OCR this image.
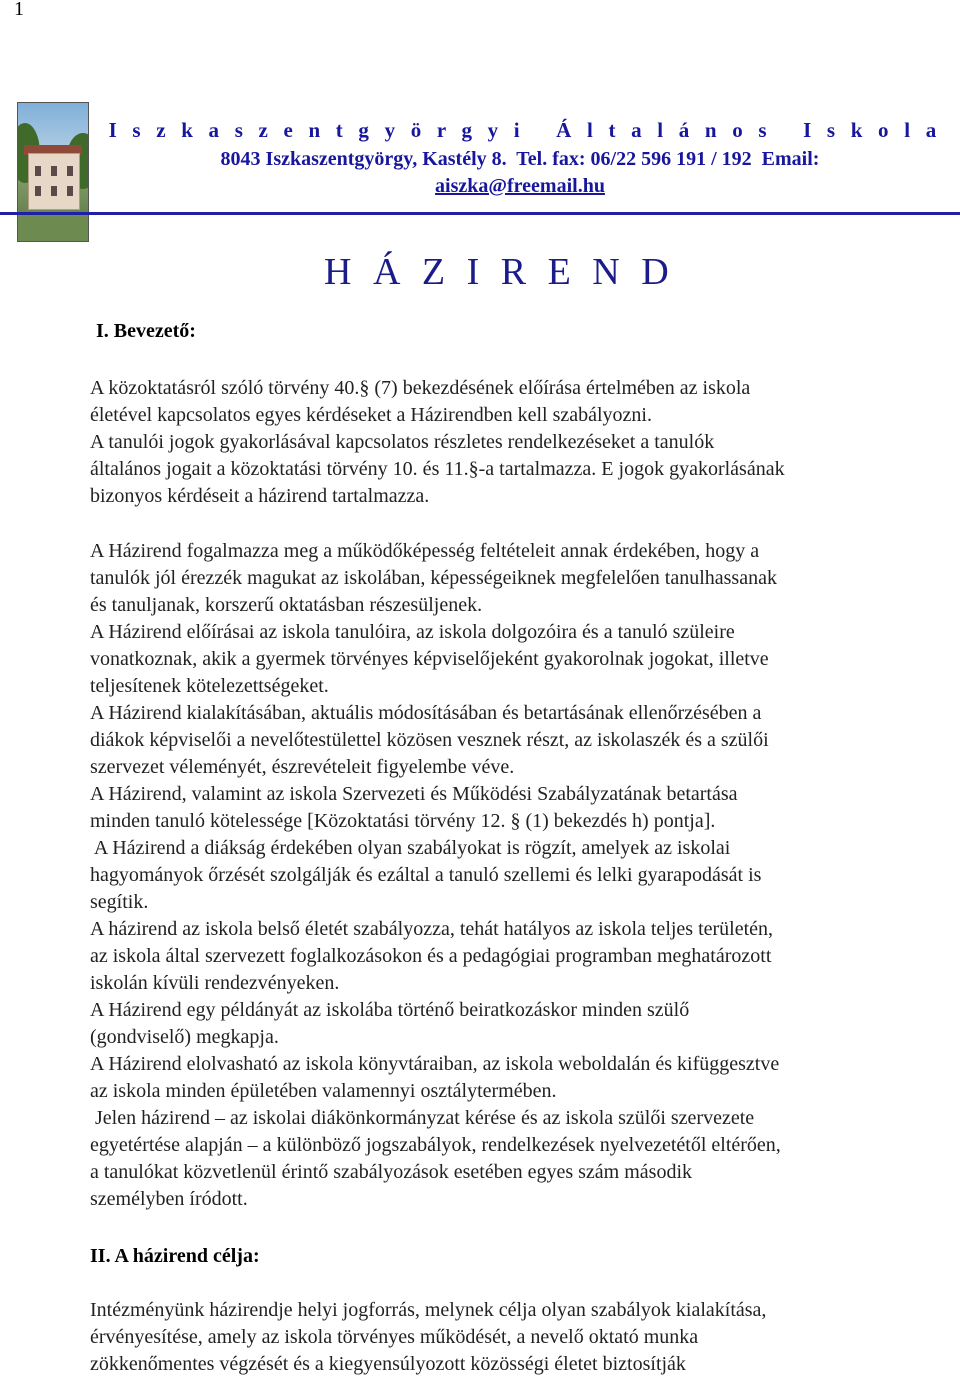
1
I s z k a s z e n t g y ö r g y i   Á l t a l á n o s   I s k o l a
8043 Iszkaszentgyörgy, Kastély 8.  Tel. fax: 06/22 596 191 / 192  Email:
aiszka@freemail.hu
H Á Z I R E N D
I. Bevezető:

A közoktatásról szóló törvény 40.§ (7) bekezdésének előírása értelmében az iskola

életével kapcsolatos egyes kérdéseket a Házirendben kell szabályozni.

A tanulói jogok gyakorlásával kapcsolatos részletes rendelkezéseket a tanulók

általános jogait a közoktatási törvény 10. és 11.§-a tartalmazza. E jogok gyakorlásának

bizonyos kérdéseit a házirend tartalmazza.

A Házirend fogalmazza meg a működőképesség feltételeit annak érdekében, hogy a

tanulók jól érezzék magukat az iskolában, képességeiknek megfelelően tanulhassanak

és tanuljanak, korszerű oktatásban részesüljenek.

A Házirend előírásai az iskola tanulóira, az iskola dolgozóira és a tanuló szüleire

vonatkoznak, akik a gyermek törvényes képviselőjeként gyakorolnak jogokat, illetve

teljesítenek kötelezettségeket.

A Házirend kialakításában, aktuális módosításában és betartásának ellenőrzésében a

diákok képviselői a nevelőtestülettel közösen vesznek részt, az iskolaszék és a szülői

szervezet véleményét, észrevételeit figyelembe véve.

A Házirend, valamint az iskola Szervezeti és Működési Szabályzatának betartása

minden tanuló kötelessége [Közoktatási törvény 12. § (1) bekezdés h) pontja].

A Házirend a diákság érdekében olyan szabályokat is rögzít, amelyek az iskolai

hagyományok őrzését szolgálják és ezáltal a tanuló szellemi és lelki gyarapodását is

segítik.

A házirend az iskola belső életét szabályozza, tehát hatályos az iskola teljes területén,

az iskola által szervezett foglalkozásokon és a pedagógiai programban meghatározott

iskolán kívüli rendezvényeken.

A Házirend egy példányát az iskolába történő beiratkozáskor minden szülő

(gondviselő) megkapja.

A Házirend elolvasható az iskola könyvtáraiban, az iskola weboldalán és kifüggesztve

az iskola minden épületében valamennyi osztálytermében.

Jelen házirend – az iskolai diákönkormányzat kérése és az iskola szülői szervezete

egyetértése alapján – a különböző jogszabályok, rendelkezések nyelvezetétől eltérően,

a tanulókat közvetlenül érintő szabályozások esetében egyes szám második

személyben íródott.

II. A házirend célja:

Intézményünk házirendje helyi jogforrás, melynek célja olyan szabályok kialakítása,

érvényesítése, amely az iskola törvényes működését, a nevelő oktató munka

zökkenőmentes végzését és a kiegyensúlyozott közösségi életet biztosítják
